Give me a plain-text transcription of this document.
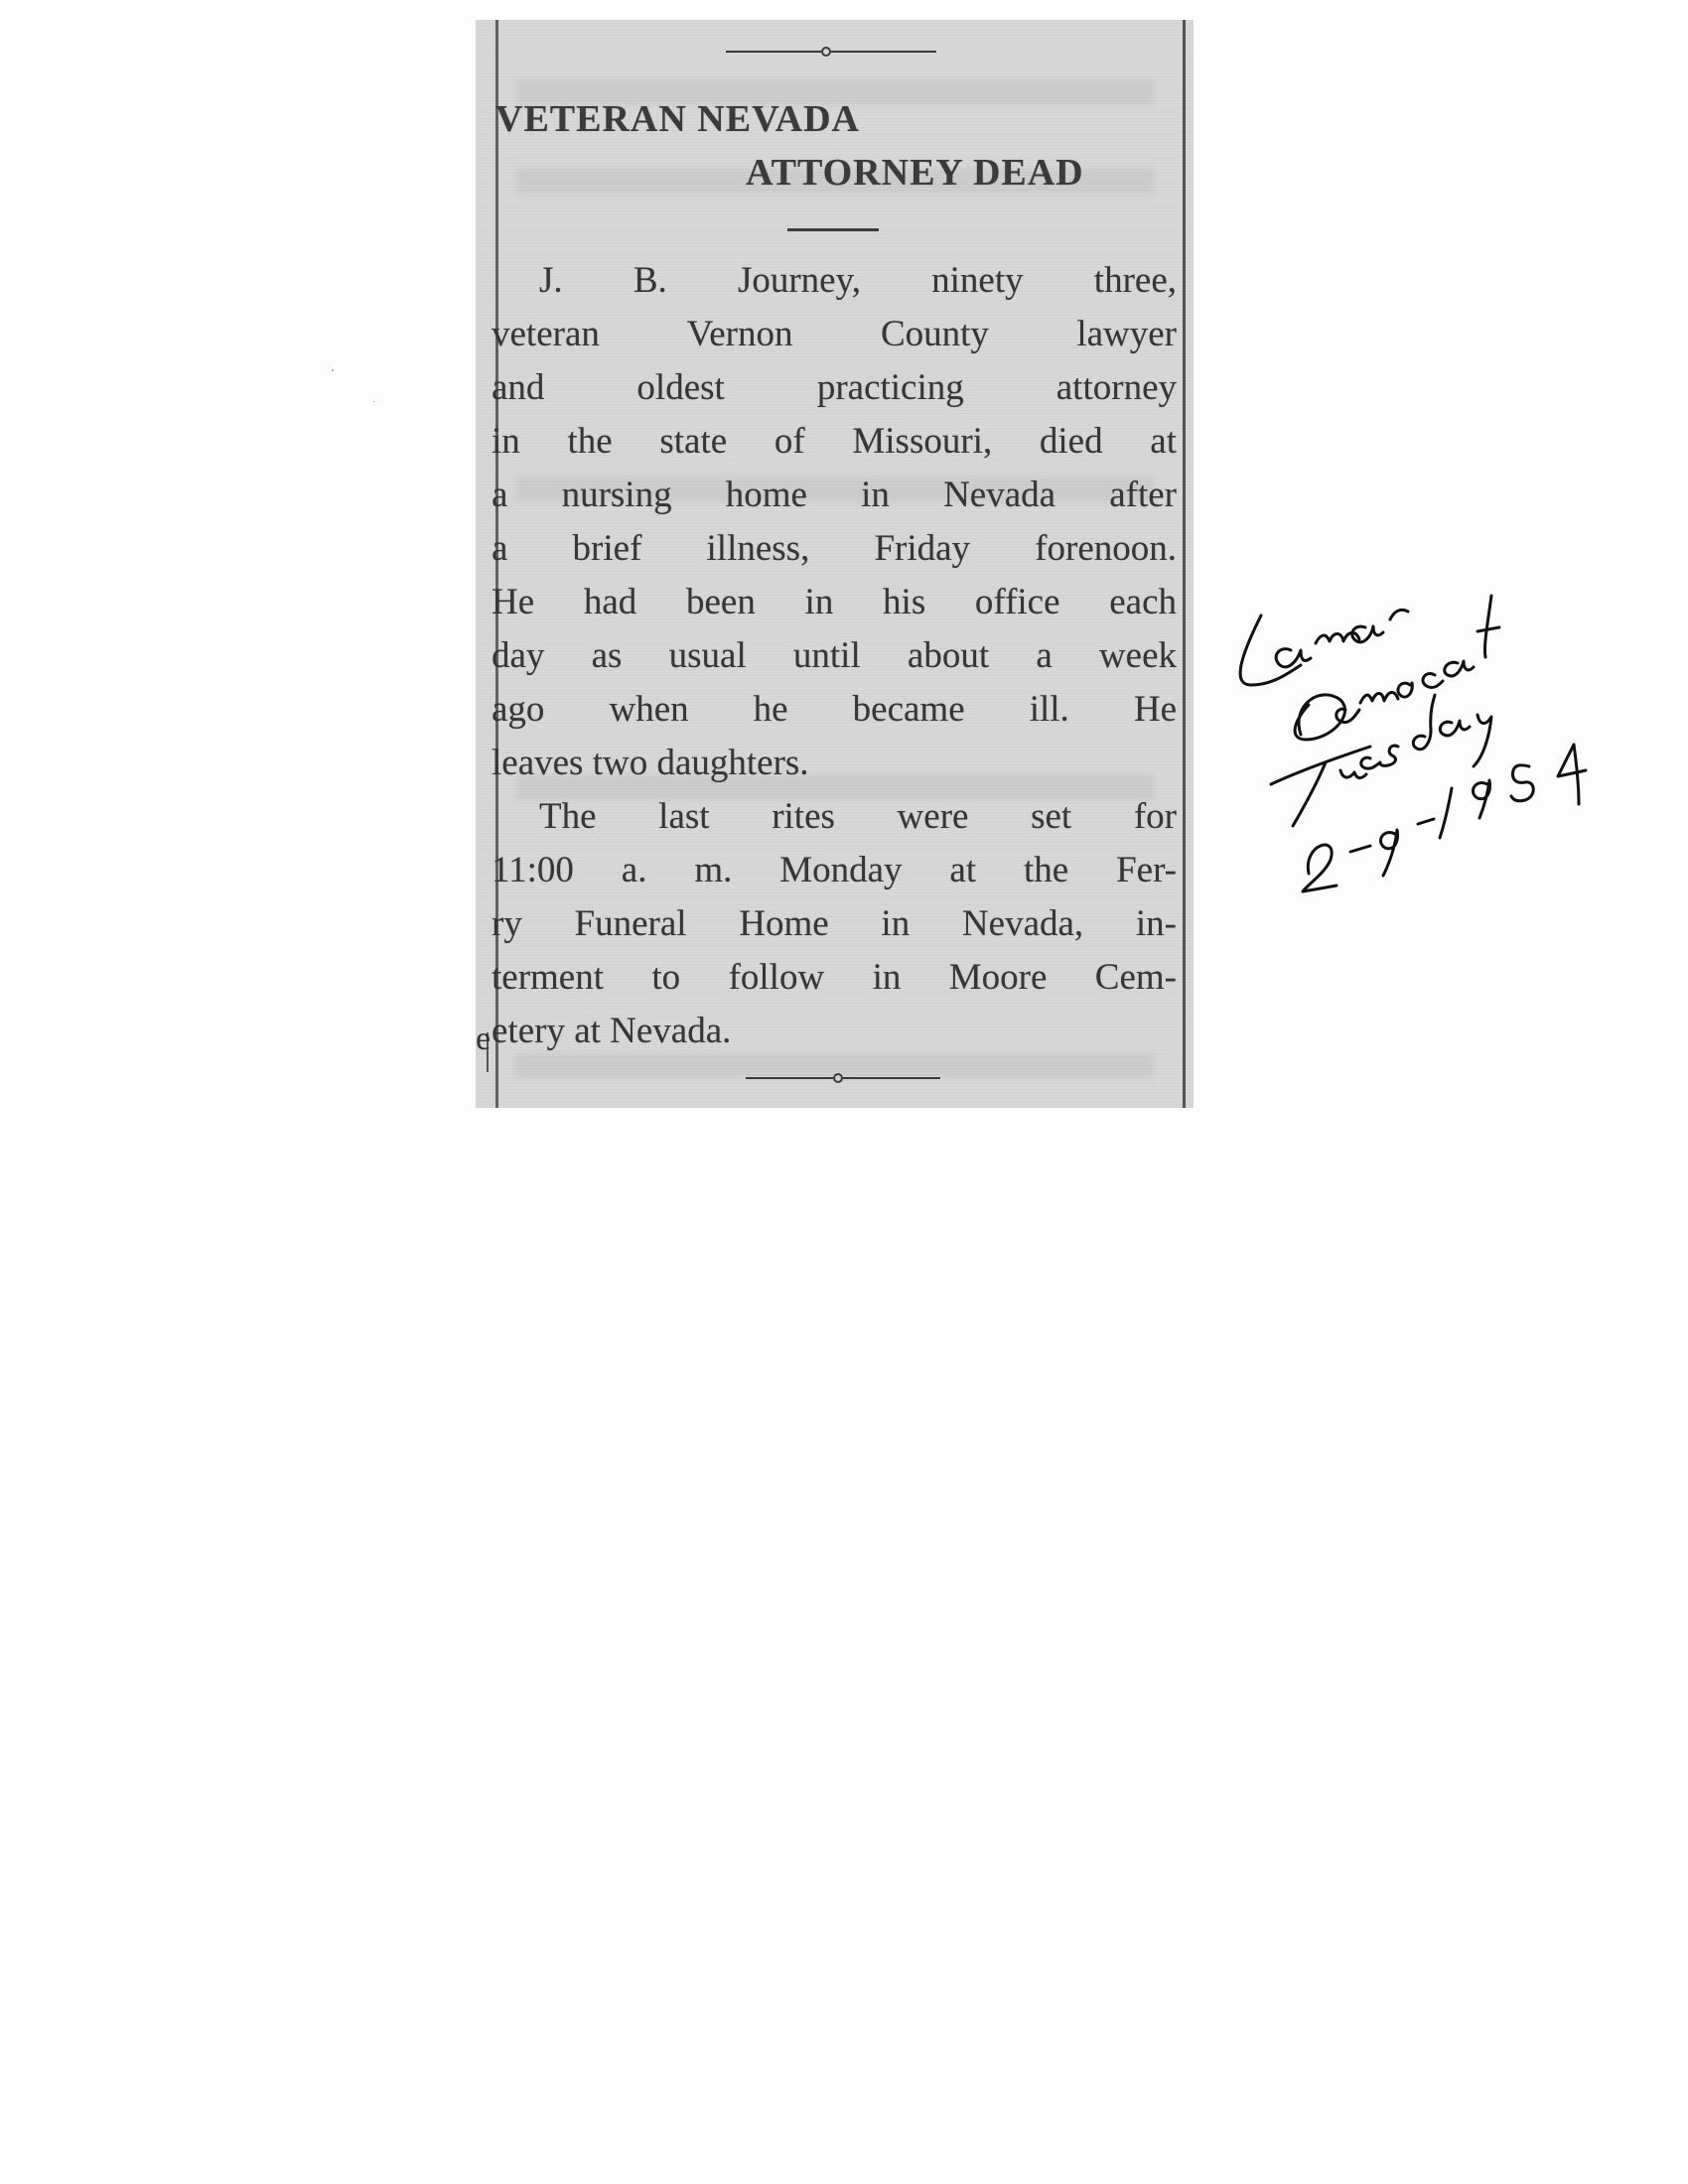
e
VETERAN NEVADA
ATTORNEY DEAD
J. B. Journey, ninety three,
veteran Vernon County lawyer
and oldest practicing attorney
in the state of Missouri, died at
a nursing home in Nevada after
a brief illness, Friday forenoon.
He had been in his office each
day as usual until about a week
ago when he became ill. He
leaves two daughters.
The last rites were set for
11:00 a. m. Monday at the Fer-
ry Funeral Home in Nevada, in-
terment to follow in Moore Cem-
etery at Nevada.
